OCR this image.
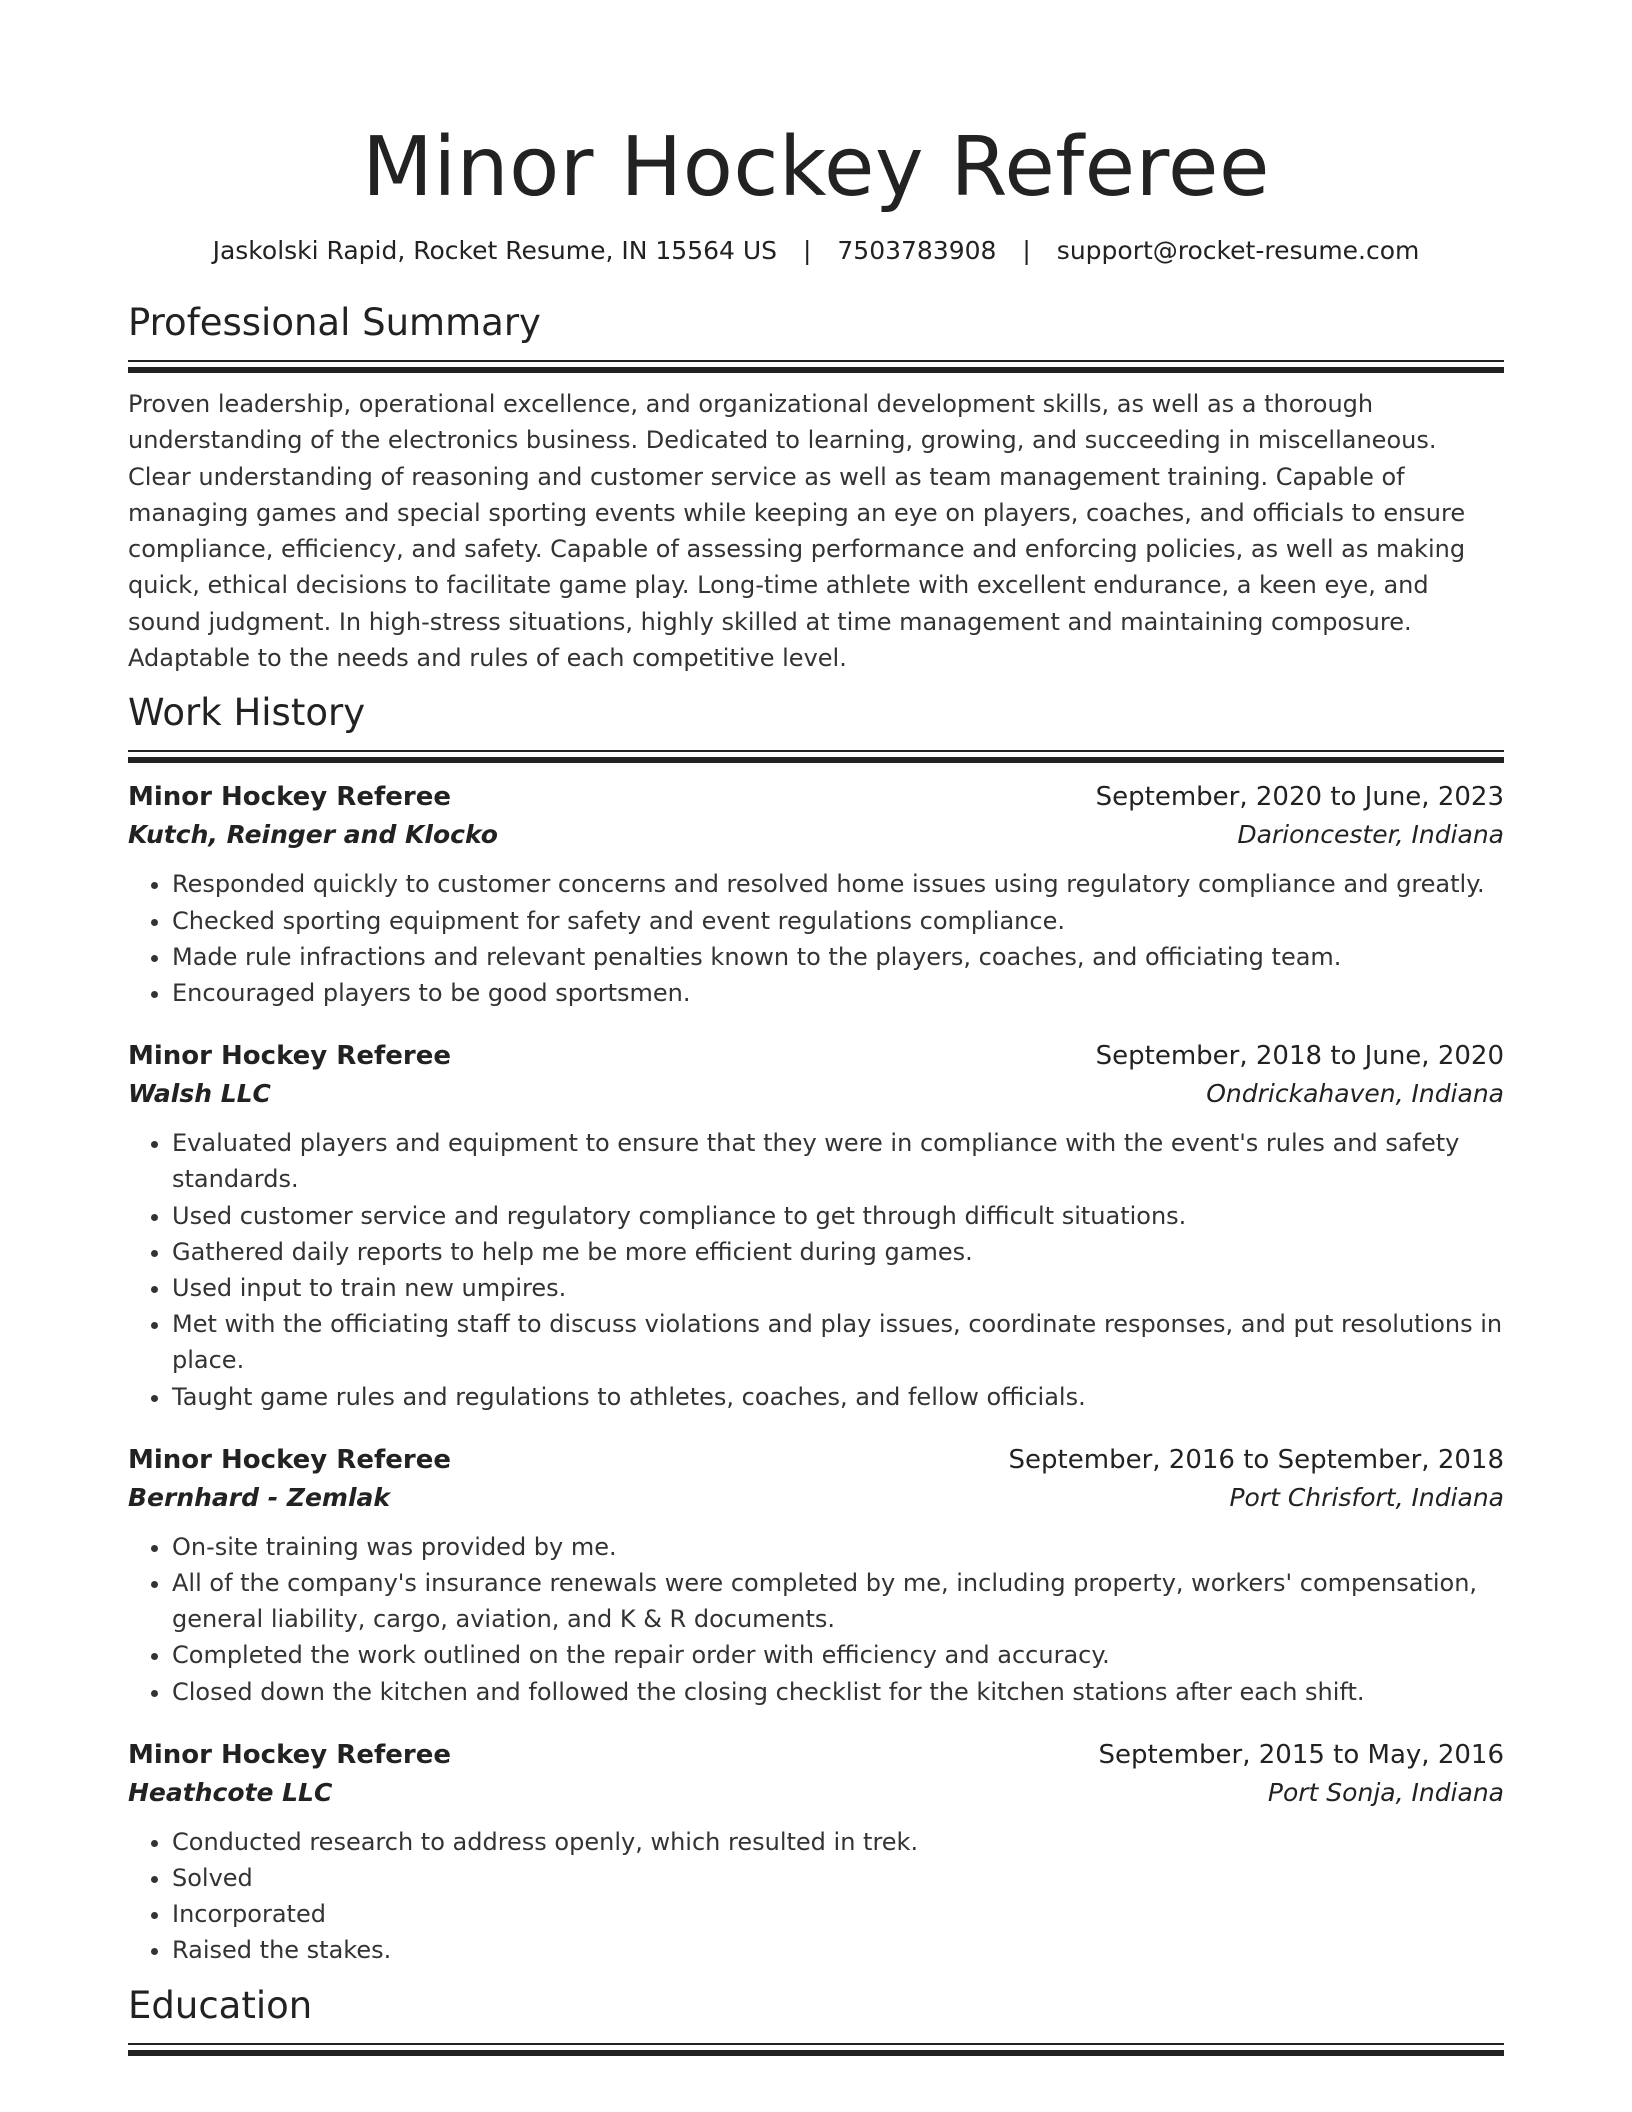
Minor Hockey Referee
Jaskolski Rapid, Rocket Resume, IN 15564 US | 7503783908 | support@rocket-resume.com
Professional Summary

Proven leadership, operational excellence, and organizational development skills, as well as a thorough understanding of the electronics business. Dedicated to learning, growing, and succeeding in miscellaneous. Clear understanding of reasoning and customer service as well as team management training. Capable of managing games and special sporting events while keeping an eye on players, coaches, and officials to ensure compliance, efficiency, and safety. Capable of assessing performance and enforcing policies, as well as making quick, ethical decisions to facilitate game play. Long-time athlete with excellent endurance, a keen eye, and sound judgment. In high-stress situations, highly skilled at time management and maintaining composure. Adaptable to the needs and rules of each competitive level.

Work History
Minor Hockey Referee	September, 2020 to June, 2023
Kutch, Reinger and Klocko	Darioncester, Indiana
• Responded quickly to customer concerns and resolved home issues using regulatory compliance and greatly.
• Checked sporting equipment for safety and event regulations compliance.
• Made rule infractions and relevant penalties known to the players, coaches, and officiating team.
• Encouraged players to be good sportsmen.
Minor Hockey Referee	September, 2018 to June, 2020
Walsh LLC	Ondrickahaven, Indiana
• Evaluated players and equipment to ensure that they were in compliance with the event's rules and safety standards.
• Used customer service and regulatory compliance to get through difficult situations.
• Gathered daily reports to help me be more efficient during games.
• Used input to train new umpires.
• Met with the officiating staff to discuss violations and play issues, coordinate responses, and put resolutions in place.
• Taught game rules and regulations to athletes, coaches, and fellow officials.
Minor Hockey Referee	September, 2016 to September, 2018
Bernhard - Zemlak	Port Chrisfort, Indiana
• On-site training was provided by me.
• All of the company's insurance renewals were completed by me, including property, workers' compensation, general liability, cargo, aviation, and K & R documents.
• Completed the work outlined on the repair order with efficiency and accuracy.
• Closed down the kitchen and followed the closing checklist for the kitchen stations after each shift.
Minor Hockey Referee	September, 2015 to May, 2016
Heathcote LLC	Port Sonja, Indiana
• Conducted research to address openly, which resulted in trek.
• Solved
• Incorporated
• Raised the stakes.
Education
